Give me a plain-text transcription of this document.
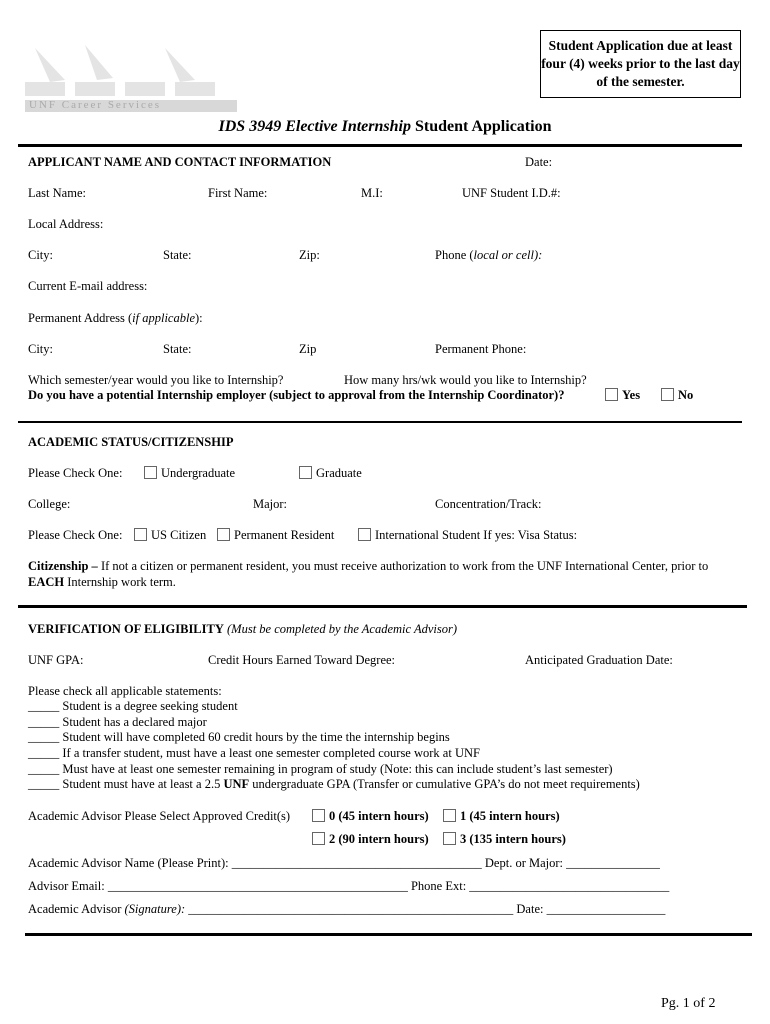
Student Application due at least four (4) weeks prior to the last day of the semester.
UNF Career Services
IDS 3949 Elective Internship Student Application
APPLICANT NAME AND CONTACT INFORMATION	Date:
Last Name:	First Name:	M.I:	UNF Student I.D.#:
Local Address:
City:	State:	Zip:	Phone (local or cell):
Current E-mail address:
Permanent Address (if applicable):
City:	State:	Zip	Permanent Phone:
Which semester/year would you like to Internship?	How many hrs/wk would you like to Internship?
Do you have a potential Internship employer (subject to approval from the Internship Coordinator)?	Yes	No
ACADEMIC STATUS/CITIZENSHIP
Please Check One:	Undergraduate	Graduate
College:	Major:	Concentration/Track:
Please Check One:	US Citizen	Permanent Resident	International Student If yes: Visa Status:
Citizenship – If not a citizen or permanent resident, you must receive authorization to work from the UNF International Center, prior to EACH Internship work term.
VERIFICATION OF ELIGIBILITY (Must be completed by the Academic Advisor)
UNF GPA:	Credit Hours Earned Toward Degree:	Anticipated Graduation Date:
Please check all applicable statements:
_____ Student is a degree seeking student
_____ Student has a declared major
_____ Student will have completed 60 credit hours by the time the internship begins
_____ If a transfer student, must have a least one semester completed course work at UNF
_____ Must have at least one semester remaining in program of study (Note: this can include student’s last semester)
_____ Student must have at least a 2.5 UNF undergraduate GPA (Transfer or cumulative GPA’s do not meet requirements)
Academic Advisor Please Select Approved Credit(s)	0 (45 intern hours)	1 (45 intern hours)
2 (90 intern hours)	3 (135 intern hours)
Academic Advisor Name (Please Print): ________________________________________ Dept. or Major: _______________
Advisor Email: ________________________________________________ Phone Ext: ________________________________
Academic Advisor (Signature): ____________________________________________________ Date: ___________________
Pg. 1 of 2
